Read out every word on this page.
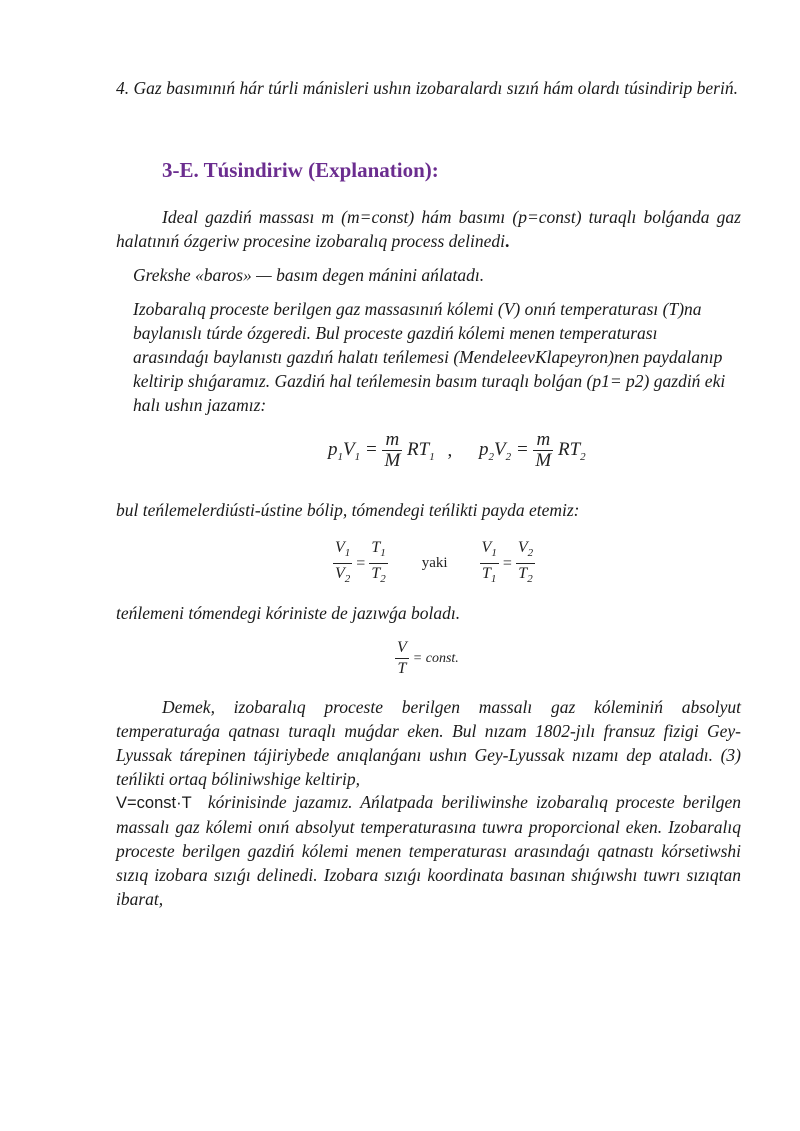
4. Gaz basımınıń hár túrli mánisleri ushın izobaralardı sızıń hám olardı túsindirip beriń.

3-E. Túsindiriw (Explanation):

Ideal gazdiń massası m (m=const) hám basımı (p=const) turaqlı bolǵanda gaz halatınıń ózgeriw procesine izobaralıq process delinedi.

Grekshe «baros» — basım degen mánini ańlatadı.

Izobaralıq proceste berilgen gaz massasınıń kólemi (V) onıń temperaturası (T)na baylanıslı túrde ózgeredi. Bul proceste gazdiń kólemi menen temperaturası arasındaǵı baylanıstı gazdıń halatı teńlemesi (MendeleevKlapeyron)nen paydalanıp keltirip shıǵaramız. Gazdiń hal teńlemesin basım turaqlı bolǵan (p1= p2) gazdiń eki halı ushın jazamız:

$p_1V_1 = \frac{m}{M} RT_1$ , $p_2V_2 = \frac{m}{M} RT_2$

bul teńlemelerdiústi-ústine bólip, tómendegi teńlikti payda etemiz:

$\frac{V_1}{V_2} = \frac{T_1}{T_2}$ yaki $\frac{V_1}{T_1} = \frac{V_2}{T_2}$

teńlemeni tómendegi kóriniste de jazıwǵa boladı.

$\frac{V}{T}$ = const.

Demek, izobaralıq proceste berilgen massalı gaz kóleminiń absolyut temperaturaǵa qatnası turaqlı muǵdar eken. Bul nızam 1802-jılı fransuz fizigi Gey-Lyussak tárepinen tájiriybede anıqlanǵanı ushın Gey-Lyussak nızamı dep ataladı. (3) teńlikti ortaq bóliniwshige keltirip,

V=const·T kórinisinde jazamız. Ańlatpada beriliwinshe izobaralıq proceste berilgen massalı gaz kólemi onıń absolyut temperaturasına tuwra proporcional eken. Izobaralıq proceste berilgen gazdiń kólemi menen temperaturası arasındaǵı qatnastı kórsetiwshi sızıq izobara sızıǵı delinedi. Izobara sızıǵı koordinata basınan shıǵıwshı tuwrı sızıqtan ibarat,
